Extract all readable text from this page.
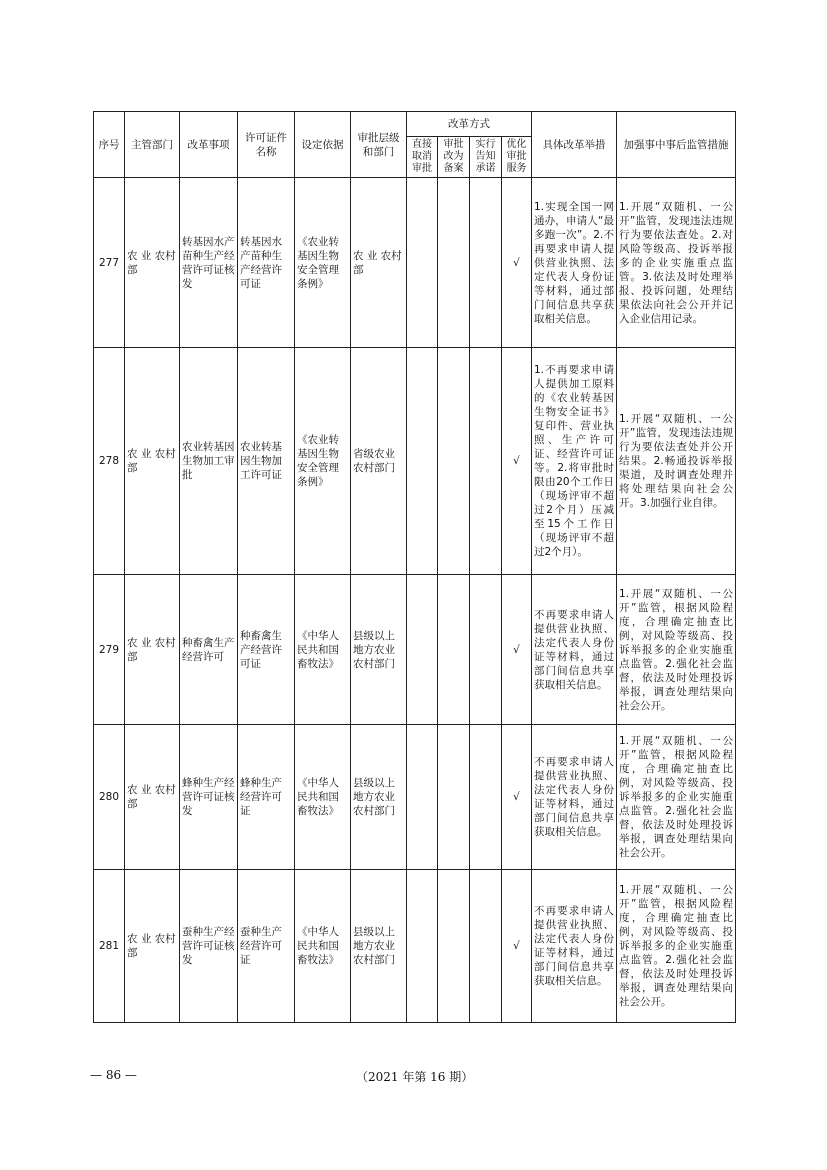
序号	主管部门	改革事项	许可证件名称	设定依据	审批层级和部门	改革方式				具体改革举措	加强事中事后监管措施
						直接取消审批	审批改为备案	实行告知承诺	优化审批服务		
277	农 业 农村部	转基因水产苗种生产经营许可证核发	转基因水产苗种生产经营许可证	《农业转基因生物安全管理条例》	农 业 农村部				√	1.实现全国一网通办，申请人“最多跑一次”。2.不再要求申请人提供营业执照、法定代表人身份证等材料，通过部门间信息共享获取相关信息。	1.开展“双随机、一公开”监管，发现违法违规行为要依法查处。2.对风险等级高、投诉举报多的企业实施重点监管。3.依法及时处理举报、投诉问题，处理结果依法向社会公开并记入企业信用记录。
278	农 业 农村部	农业转基因生物加工审批	农业转基因生物加工许可证	《农业转基因生物安全管理条例》	省级农业农村部门				√	1.不再要求申请人提供加工原料的《农业转基因生物安全证书》复印件、营业执照、生产许可证、经营许可证等。2.将审批时限由20个工作日（现场评审不超过2个月）压减至15个工作日（现场评审不超过2个月）。	1.开展“双随机、一公开”监管，发现违法违规行为要依法查处并公开结果。2.畅通投诉举报渠道，及时调查处理并将处理结果向社会公开。3.加强行业自律。
279	农 业 农村部	种畜禽生产经营许可	种畜禽生产经营许可证	《中华人民共和国畜牧法》	县级以上地方农业农村部门				√	不再要求申请人提供营业执照、法定代表人身份证等材料，通过部门间信息共享获取相关信息。	1.开展“双随机、一公开”监管，根据风险程度，合理确定抽查比例，对风险等级高、投诉举报多的企业实施重点监管。2.强化社会监督，依法及时处理投诉举报，调查处理结果向社会公开。
280	农 业 农村部	蜂种生产经营许可证核发	蜂种生产经营许可证	《中华人民共和国畜牧法》	县级以上地方农业农村部门				√	不再要求申请人提供营业执照、法定代表人身份证等材料，通过部门间信息共享获取相关信息。	1.开展“双随机、一公开”监管，根据风险程度，合理确定抽查比例，对风险等级高、投诉举报多的企业实施重点监管。2.强化社会监督，依法及时处理投诉举报，调查处理结果向社会公开。
281	农 业 农村部	蚕种生产经营许可证核发	蚕种生产经营许可证	《中华人民共和国畜牧法》	县级以上地方农业农村部门				√	不再要求申请人提供营业执照、法定代表人身份证等材料，通过部门间信息共享获取相关信息。	1.开展“双随机、一公开”监管，根据风险程度，合理确定抽查比例，对风险等级高、投诉举报多的企业实施重点监管。2.强化社会监督，依法及时处理投诉举报，调查处理结果向社会公开。
— 86 —	（2021 年第 16 期）
